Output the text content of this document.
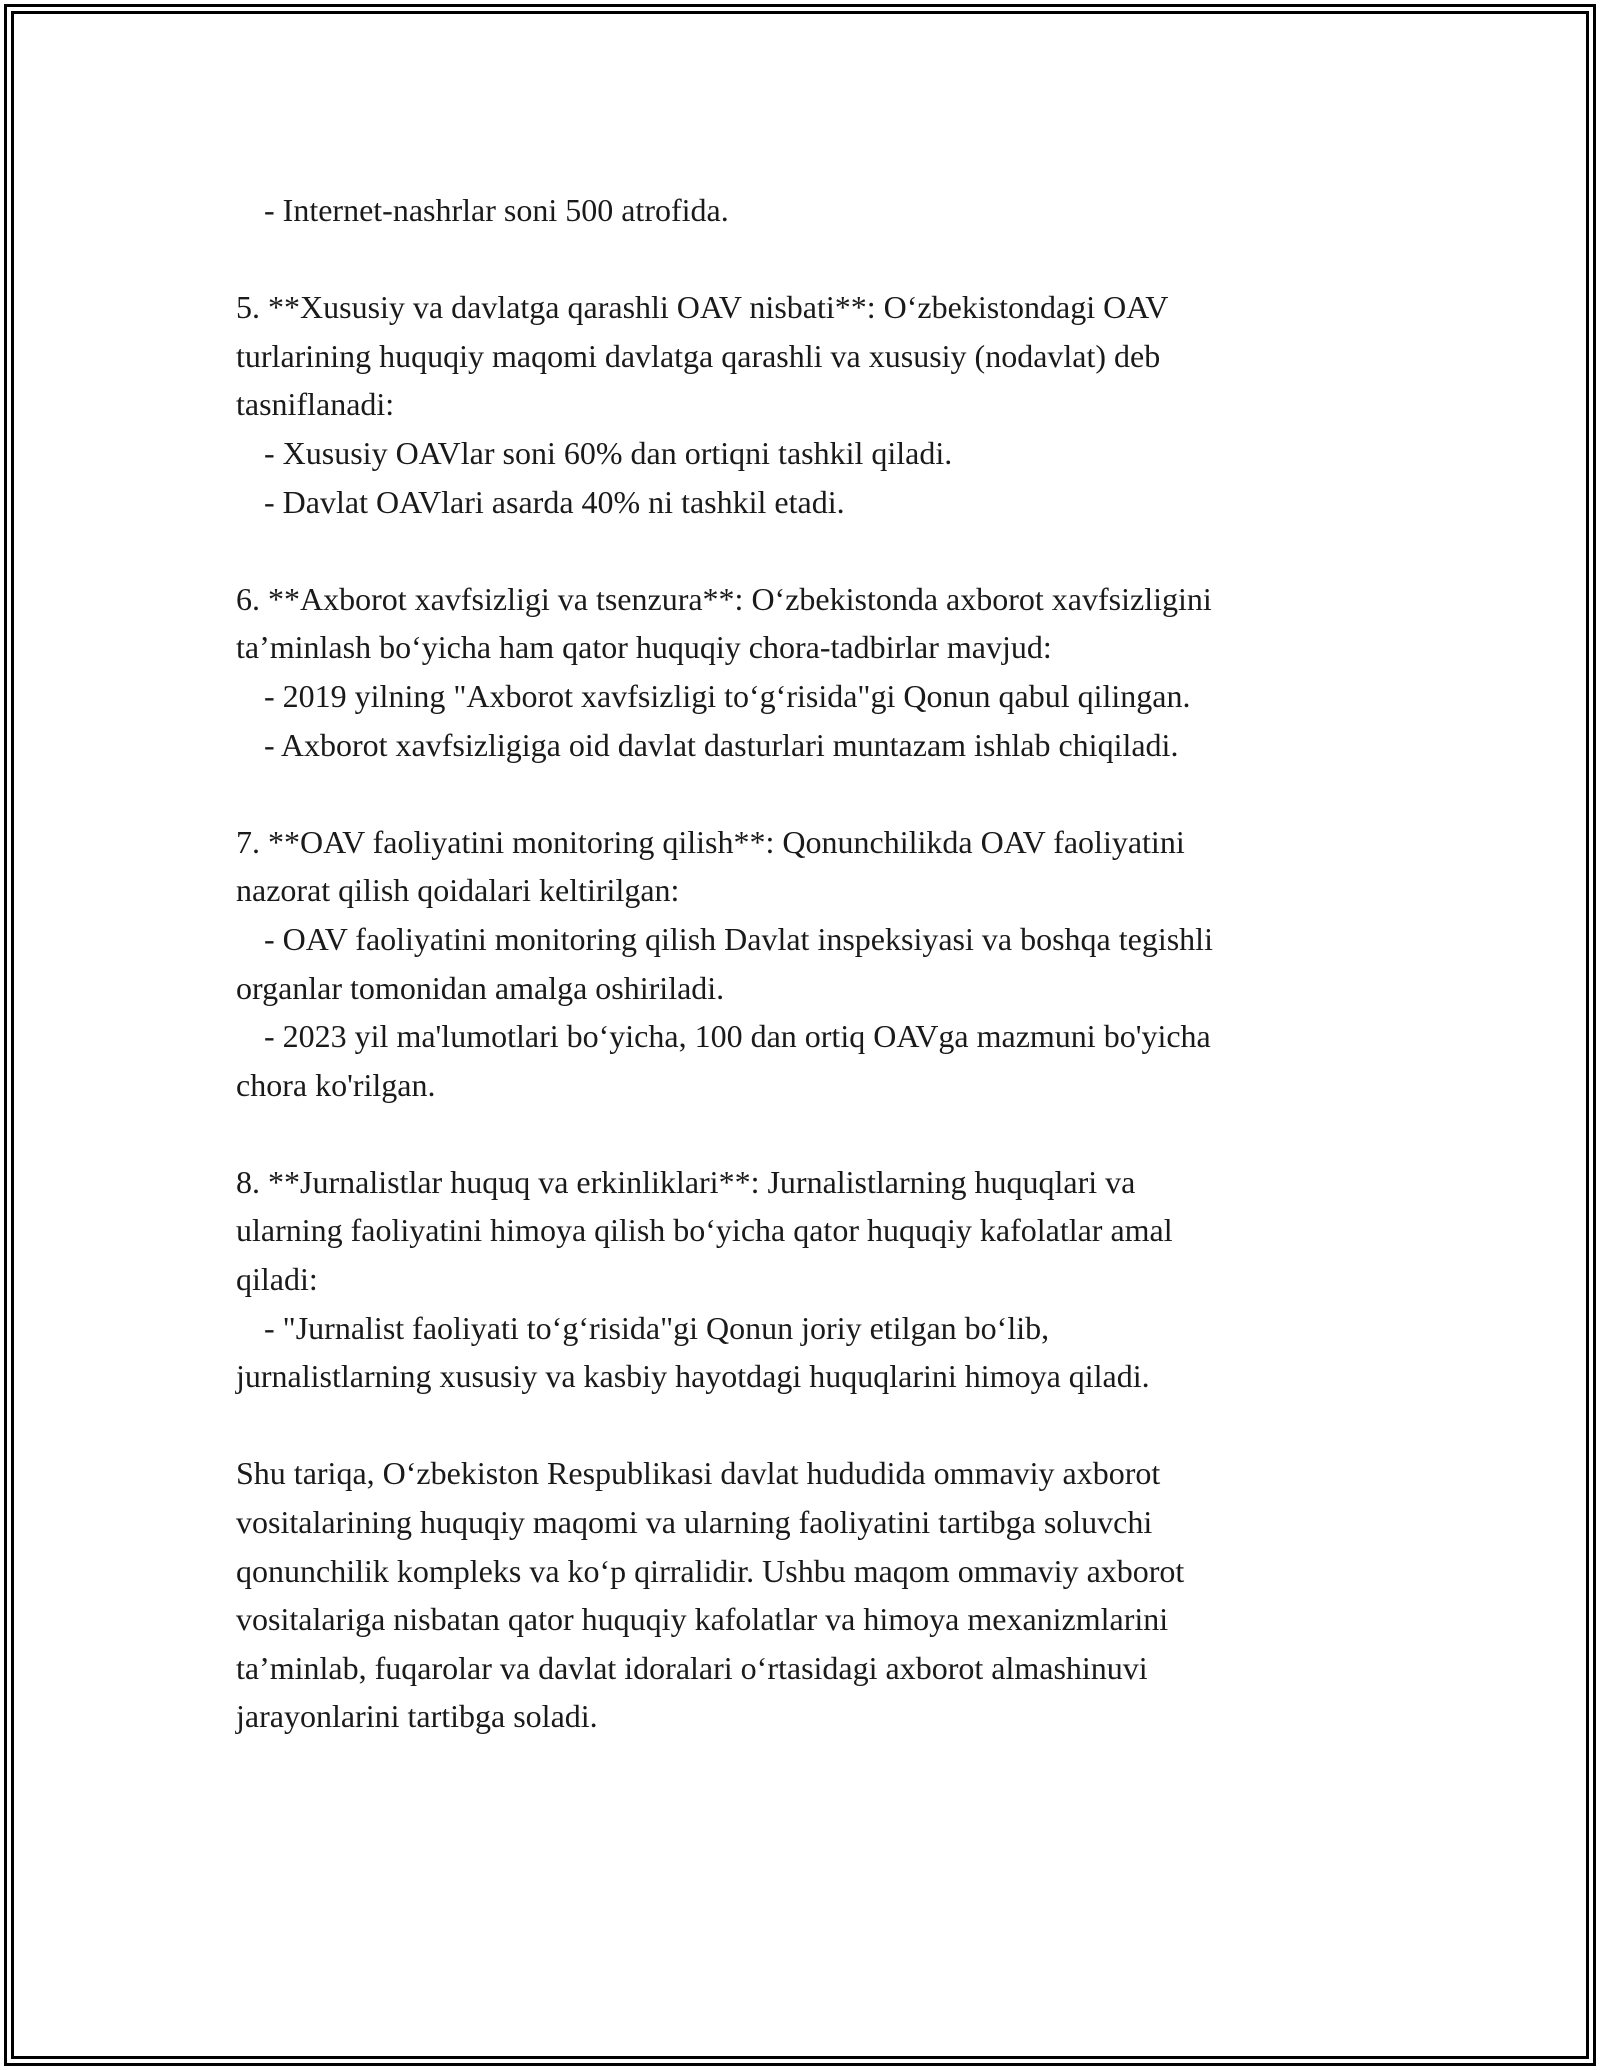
- Internet-nashrlar soni 500 atrofida.
5. **Xususiy va davlatga qarashli OAV nisbati**: O‘zbekistondagi OAV
turlarining huquqiy maqomi davlatga qarashli va xususiy (nodavlat) deb
tasniflanadi:
- Xususiy OAVlar soni 60% dan ortiqni tashkil qiladi.
- Davlat OAVlari asarda 40% ni tashkil etadi.
6. **Axborot xavfsizligi va tsenzura**: O‘zbekistonda axborot xavfsizligini
ta’minlash bo‘yicha ham qator huquqiy chora-tadbirlar mavjud:
- 2019 yilning "Axborot xavfsizligi to‘g‘risida"gi Qonun qabul qilingan.
- Axborot xavfsizligiga oid davlat dasturlari muntazam ishlab chiqiladi.
7. **OAV faoliyatini monitoring qilish**: Qonunchilikda OAV faoliyatini
nazorat qilish qoidalari keltirilgan:
- OAV faoliyatini monitoring qilish Davlat inspeksiyasi va boshqa tegishli
organlar tomonidan amalga oshiriladi.
- 2023 yil ma'lumotlari bo‘yicha, 100 dan ortiq OAVga mazmuni bo'yicha
chora ko'rilgan.
8. **Jurnalistlar huquq va erkinliklari**: Jurnalistlarning huquqlari va
ularning faoliyatini himoya qilish bo‘yicha qator huquqiy kafolatlar amal
qiladi:
- "Jurnalist faoliyati to‘g‘risida"gi Qonun joriy etilgan bo‘lib,
jurnalistlarning xususiy va kasbiy hayotdagi huquqlarini himoya qiladi.
Shu tariqa, O‘zbekiston Respublikasi davlat hududida ommaviy axborot
vositalarining huquqiy maqomi va ularning faoliyatini tartibga soluvchi
qonunchilik kompleks va ko‘p qirralidir. Ushbu maqom ommaviy axborot
vositalariga nisbatan qator huquqiy kafolatlar va himoya mexanizmlarini
ta’minlab, fuqarolar va davlat idoralari o‘rtasidagi axborot almashinuvi
jarayonlarini tartibga soladi.
